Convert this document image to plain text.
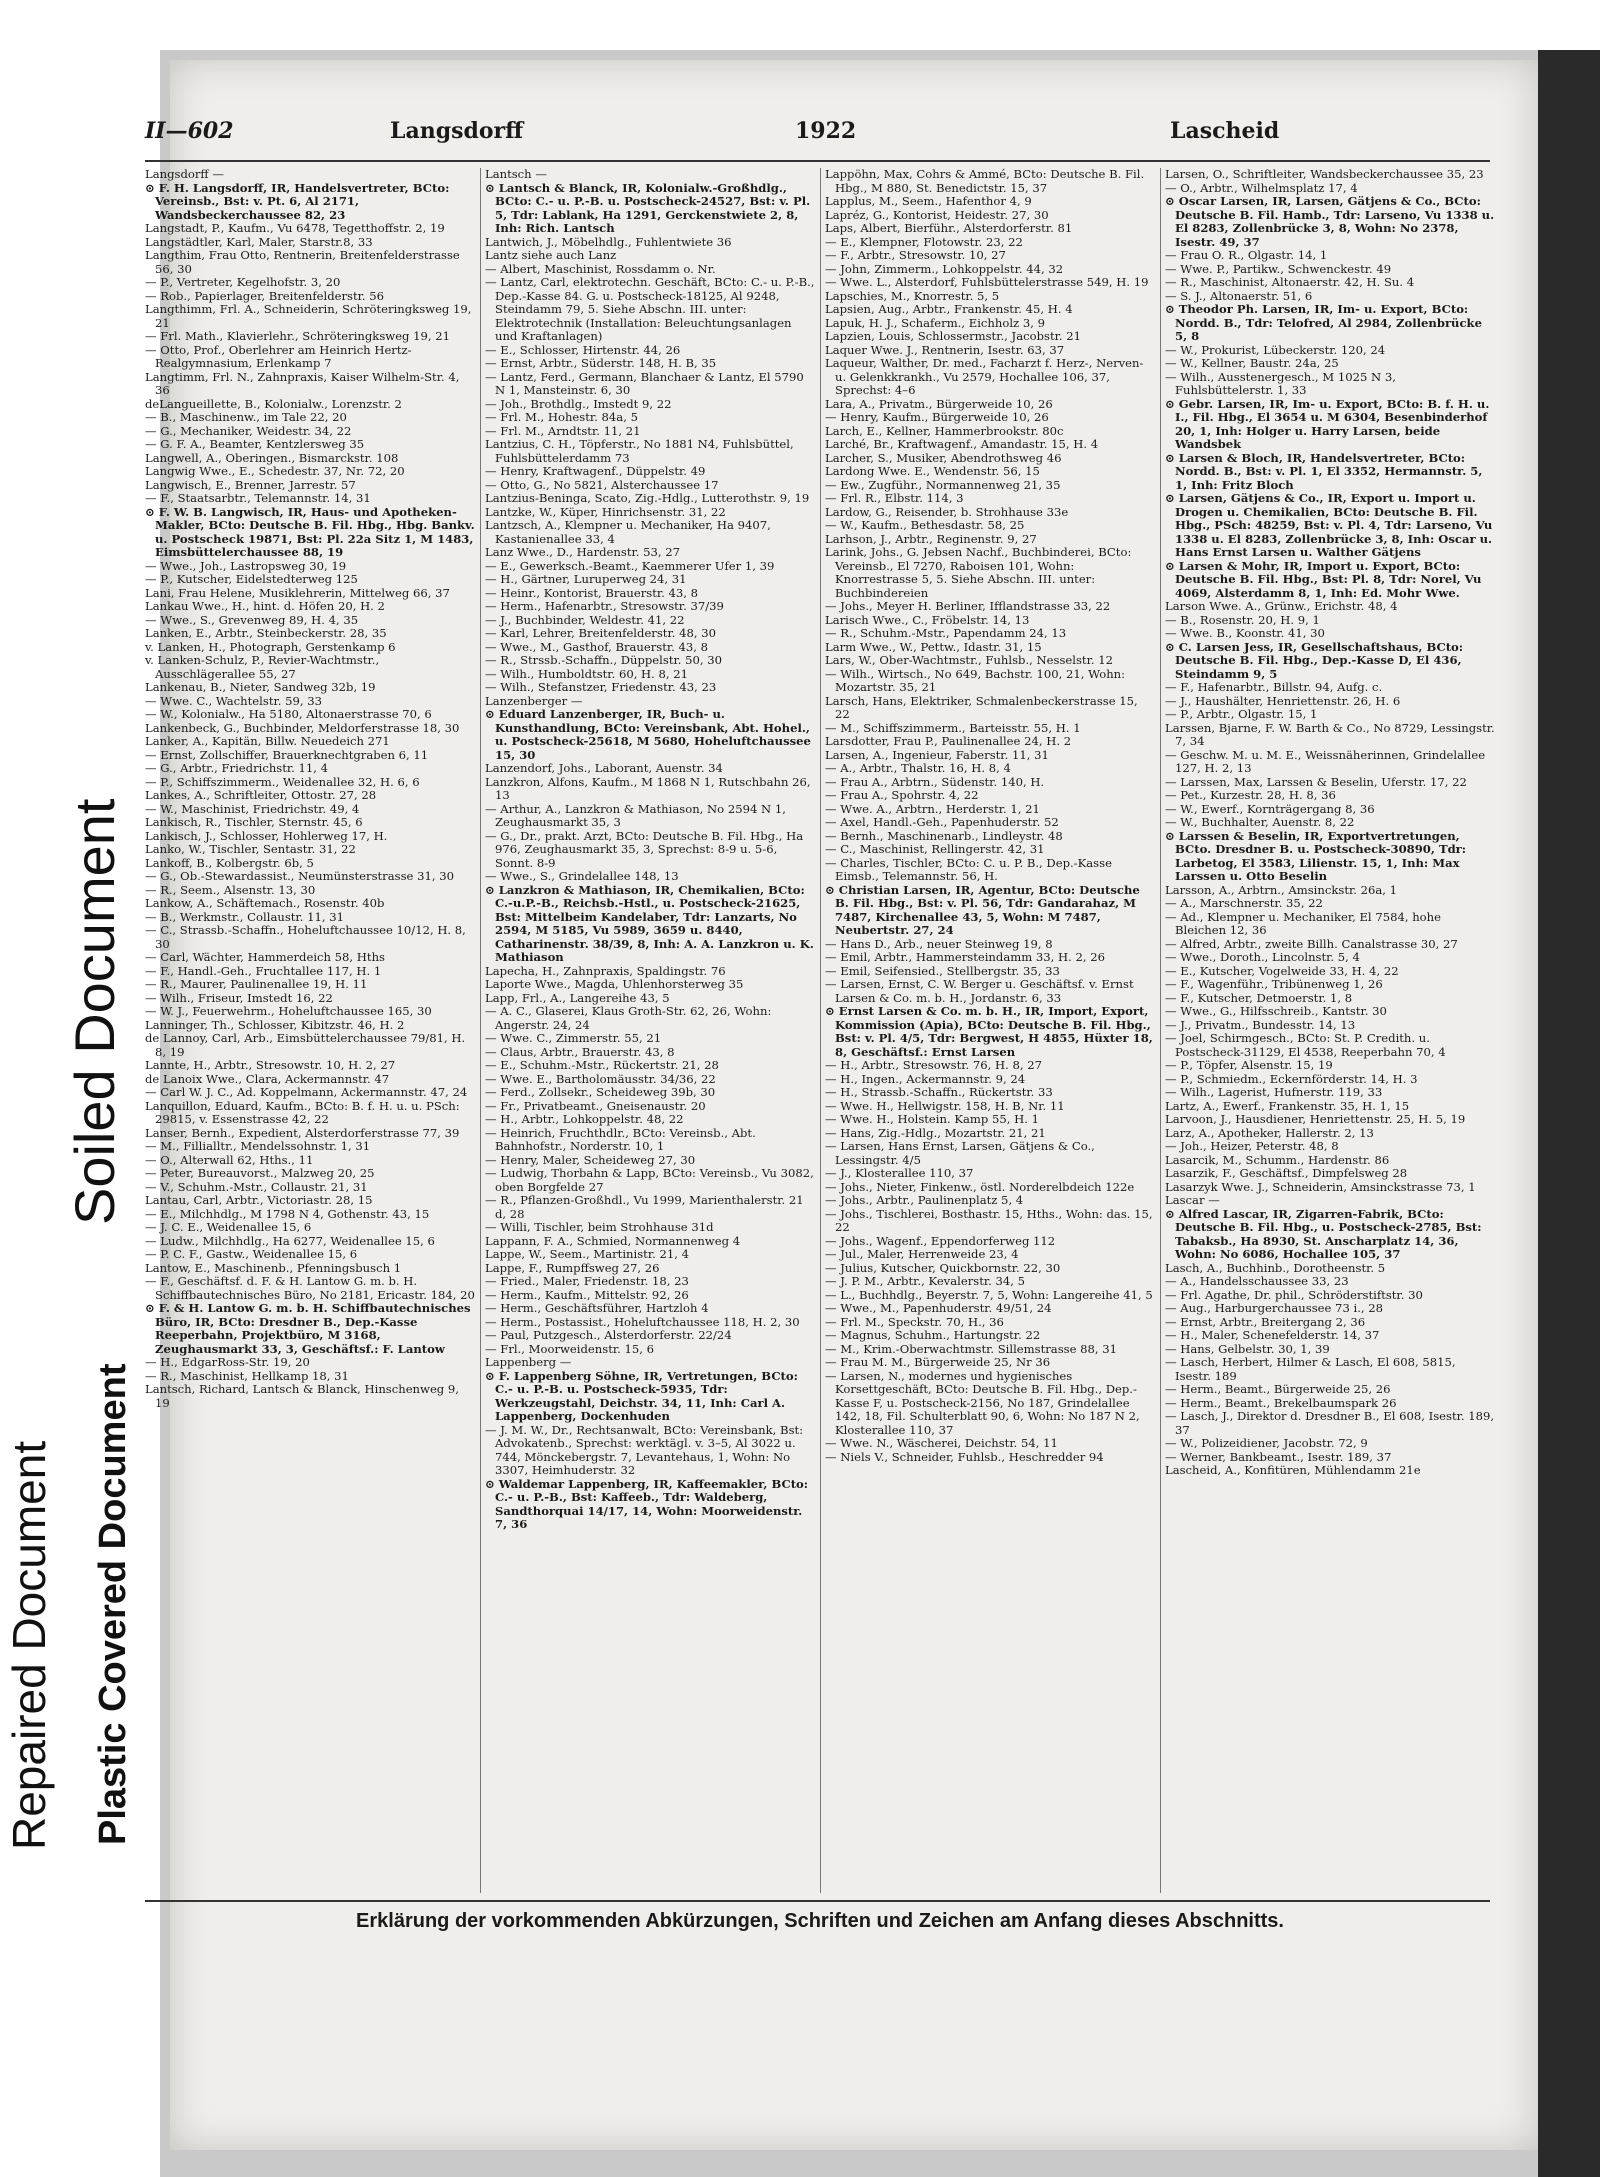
Repaired Document Plastic Covered Document
Soiled Document
II—602	Langsdorff	1922	Lascheid

Langsdorff —

⊙ F. H. Langsdorff, IR, Handelsvertreter, BCto: Vereinsb., Bst: v. Pt. 6, Al 2171, Wandsbeckerchaussee 82, 23

Langstadt, P., Kaufm., Vu 6478, Tegetthoffstr. 2, 19

Langstädtler, Karl, Maler, Starstr.8, 33

Langthim, Frau Otto, Rentnerin, Breitenfelderstrasse 56, 30

— P., Vertreter, Kegelhofstr. 3, 20

— Rob., Papierlager, Breitenfelderstr. 56

Langthimm, Frl. A., Schneiderin, Schröteringksweg 19, 21

— Frl. Math., Klavierlehr., Schröteringksweg 19, 21

— Otto, Prof., Oberlehrer am Heinrich Hertz-Realgymnasium, Erlenkamp 7

Langtimm, Frl. N., Zahnpraxis, Kaiser Wilhelm-Str. 4, 36

deLangueillette, B., Kolonialw., Lorenzstr. 2

— B., Maschinenw., im Tale 22, 20

— G., Mechaniker, Weidestr. 34, 22

— G. F. A., Beamter, Kentzlersweg 35

Langwell, A., Oberingen., Bismarckstr. 108

Langwig Wwe., E., Schedestr. 37, Nr. 72, 20

Langwisch, E., Brenner, Jarrestr. 57

— F., Staatsarbtr., Telemannstr. 14, 31

⊙ F. W. B. Langwisch, IR, Haus- und Apotheken-Makler, BCto: Deutsche B. Fil. Hbg., Hbg. Bankv. u. Postscheck 19871, Bst: Pl. 22a Sitz 1, M 1483, Eimsbüttelerchaussee 88, 19

— Wwe., Joh., Lastropsweg 30, 19

— P., Kutscher, Eidelstedterweg 125

Lani, Frau Helene, Musiklehrerin, Mittelweg 66, 37

Lankau Wwe., H., hint. d. Höfen 20, H. 2

— Wwe., S., Grevenweg 89, H. 4, 35

Lanken, E., Arbtr., Steinbeckerstr. 28, 35

v. Lanken, H., Photograph, Gerstenkamp 6

v. Lanken-Schulz, P., Revier-Wachtmstr., Ausschlägerallee 55, 27

Lankenau, B., Nieter, Sandweg 32b, 19

— Wwe. C., Wachtelstr. 59, 33

— W., Kolonialw., Ha 5180, Altonaerstrasse 70, 6

Lankenbeck, G., Buchbinder, Meldorferstrasse 18, 30

Lanker, A., Kapitän, Billw. Neuedeich 271

— Ernst, Zollschiffer, Brauerknechtgraben 6, 11

— G., Arbtr., Friedrichstr. 11, 4

— P., Schiffszimmerm., Weidenallee 32, H. 6, 6

Lankes, A., Schriftleiter, Ottostr. 27, 28

— W., Maschinist, Friedrichstr. 49, 4

Lankisch, R., Tischler, Sternstr. 45, 6

Lankisch, J., Schlosser, Hohlerweg 17, H.

Lanko, W., Tischler, Sentastr. 31, 22

Lankoff, B., Kolbergstr. 6b, 5

— G., Ob.-Stewardassist., Neumünsterstrasse 31, 30

— R., Seem., Alsenstr. 13, 30

Lankow, A., Schäftemach., Rosenstr. 40b

— B., Werkmstr., Collaustr. 11, 31

— C., Strassb.-Schaffn., Hoheluftchaussee 10/12, H. 8, 30

— Carl, Wächter, Hammerdeich 58, Hths

— F., Handl.-Geh., Fruchtallee 117, H. 1

— R., Maurer, Paulinenallee 19, H. 11

— Wilh., Friseur, Imstedt 16, 22

— W. J., Feuerwehrm., Hoheluftchaussee 165, 30

Lanninger, Th., Schlosser, Kibitzstr. 46, H. 2

de Lannoy, Carl, Arb., Eimsbüttelerchaussee 79/81, H. 8, 19

Lannte, H., Arbtr., Stresowstr. 10, H. 2, 27

de Lanoix Wwe., Clara, Ackermannstr. 47

— Carl W. J. C., Ad. Koppelmann, Ackermannstr. 47, 24

Lanquillon, Eduard, Kaufm., BCto: B. f. H. u. u. PSch: 29815, v. Essenstrasse 42, 22

Lanser, Bernh., Expedient, Alsterdorferstrasse 77, 39

— M., Fillialltr., Mendelssohnstr. 1, 31

— O., Alterwall 62, Hths., 11

— Peter, Bureauvorst., Malzweg 20, 25

— V., Schuhm.-Mstr., Collaustr. 21, 31

Lantau, Carl, Arbtr., Victoriastr. 28, 15

— E., Milchhdlg., M 1798 N 4, Gothenstr. 43, 15

— J. C. E., Weidenallee 15, 6

— Ludw., Milchhdlg., Ha 6277, Weidenallee 15, 6

— P. C. F., Gastw., Weidenallee 15, 6

Lantow, E., Maschinenb., Pfenningsbusch 1

— F., Geschäftsf. d. F. & H. Lantow G. m. b. H. Schiffbautechnisches Büro, No 2181, Ericastr. 184, 20

⊙ F. & H. Lantow G. m. b. H. Schiffbautechnisches Büro, IR, BCto: Dresdner B., Dep.-Kasse Reeperbahn, Projektbüro, M 3168, Zeughausmarkt 33, 3, Geschäftsf.: F. Lantow

— H., EdgarRoss-Str. 19, 20

— R., Maschinist, Hellkamp 18, 31

Lantsch, Richard, Lantsch & Blanck, Hinschenweg 9, 19

Lantsch —

⊙ Lantsch & Blanck, IR, Kolonialw.-Großhdlg., BCto: C.- u. P.-B. u. Postscheck-24527, Bst: v. Pl. 5, Tdr: Lablank, Ha 1291, Gerckenstwiete 2, 8, Inh: Rich. Lantsch

Lantwich, J., Möbelhdlg., Fuhlentwiete 36

Lantz siehe auch Lanz

— Albert, Maschinist, Rossdamm o. Nr.

— Lantz, Carl, elektrotechn. Geschäft, BCto: C.- u. P.-B., Dep.-Kasse 84. G. u. Postscheck-18125, Al 9248, Steindamm 79, 5. Siehe Abschn. III. unter: Elektrotechnik (Installation: Beleuchtungsanlagen und Kraftanlagen)

— E., Schlosser, Hirtenstr. 44, 26

— Ernst, Arbtr., Süderstr. 148, H. B, 35

— Lantz, Ferd., Germann, Blanchaer & Lantz, El 5790 N 1, Mansteinstr. 6, 30

— Joh., Brothdlg., Imstedt 9, 22

— Frl. M., Hohestr. 84a, 5

— Frl. M., Arndtstr. 11, 21

Lantzius, C. H., Töpferstr., No 1881 N4, Fuhlsbüttel, Fuhlsbüttelerdamm 73

— Henry, Kraftwagenf., Düppelstr. 49

— Otto, G., No 5821, Alsterchaussee 17

Lantzius-Beninga, Scato, Zig.-Hdlg., Lutterothstr. 9, 19

Lantzke, W., Küper, Hinrichsenstr. 31, 22

Lantzsch, A., Klempner u. Mechaniker, Ha 9407, Kastanienallee 33, 4

Lanz Wwe., D., Hardenstr. 53, 27

— E., Gewerksch.-Beamt., Kaemmerer Ufer 1, 39

— H., Gärtner, Luruperweg 24, 31

— Heinr., Kontorist, Brauerstr. 43, 8

— Herm., Hafenarbtr., Stresowstr. 37/39

— J., Buchbinder, Weldestr. 41, 22

— Karl, Lehrer, Breitenfelderstr. 48, 30

— Wwe., M., Gasthof, Brauerstr. 43, 8

— R., Strssb.-Schaffn., Düppelstr. 50, 30

— Wilh., Humboldtstr. 60, H. 8, 21

— Wilh., Stefanstzer, Friedenstr. 43, 23

Lanzenberger —

⊙ Eduard Lanzenberger, IR, Buch- u. Kunsthandlung, BCto: Vereinsbank, Abt. Hohel., u. Postscheck-25618, M 5680, Hoheluftchaussee 15, 30

Lanzendorf, Johs., Laborant, Auenstr. 34

Lanzkron, Alfons, Kaufm., M 1868 N 1, Rutschbahn 26, 13

— Arthur, A., Lanzkron & Mathiason, No 2594 N 1, Zeughausmarkt 35, 3

— G., Dr., prakt. Arzt, BCto: Deutsche B. Fil. Hbg., Ha 976, Zeughausmarkt 35, 3, Sprechst: 8-9 u. 5-6, Sonnt. 8-9

— Wwe., S., Grindelallee 148, 13

⊙ Lanzkron & Mathiason, IR, Chemikalien, BCto: C.-u.P.-B., Reichsb.-Hstl., u. Postscheck-21625, Bst: Mittelbeim Kandelaber, Tdr: Lanzarts, No 2594, M 5185, Vu 5989, 3659 u. 8440, Catharinenstr. 38/39, 8, Inh: A. A. Lanzkron u. K. Mathiason

Lapecha, H., Zahnpraxis, Spaldingstr. 76

Laporte Wwe., Magda, Uhlenhorsterweg 35

Lapp, Frl., A., Langereihe 43, 5

— A. C., Glaserei, Klaus Groth-Str. 62, 26, Wohn: Angerstr. 24, 24

— Wwe. C., Zimmerstr. 55, 21

— Claus, Arbtr., Brauerstr. 43, 8

— E., Schuhm.-Mstr., Rückertstr. 21, 28

— Wwe. E., Bartholomäusstr. 34/36, 22

— Ferd., Zollsekr., Scheideweg 39b, 30

— Fr., Privatbeamt., Gneisenaustr. 20

— H., Arbtr., Lohkoppelstr. 48, 22

— Heinrich, Fruchthdlr., BCto: Vereinsb., Abt. Bahnhofstr., Norderstr. 10, 1

— Henry, Maler, Scheideweg 27, 30

— Ludwig, Thorbahn & Lapp, BCto: Vereinsb., Vu 3082, oben Borgfelde 27

— R., Pflanzen-Großhdl., Vu 1999, Marienthalerstr. 21 d, 28

— Willi, Tischler, beim Strohhause 31d

Lappann, F. A., Schmied, Normannenweg 4

Lappe, W., Seem., Martinistr. 21, 4

Lappe, F., Rumpffsweg 27, 26

— Fried., Maler, Friedenstr. 18, 23

— Herm., Kaufm., Mittelstr. 92, 26

— Herm., Geschäftsführer, Hartzloh 4

— Herm., Postassist., Hoheluftchaussee 118, H. 2, 30

— Paul, Putzgesch., Alsterdorferstr. 22/24

— Frl., Moorweidenstr. 15, 6

Lappenberg —

⊙ F. Lappenberg Söhne, IR, Vertretungen, BCto: C.- u. P.-B. u. Postscheck-5935, Tdr: Werkzeugstahl, Deichstr. 34, 11, Inh: Carl A. Lappenberg, Dockenhuden

— J. M. W., Dr., Rechtsanwalt, BCto: Vereinsbank, Bst: Advokatenb., Sprechst: werktägl. v. 3–5, Al 3022 u. 744, Mönckebergstr. 7, Levantehaus, 1, Wohn: No 3307, Heimhuderstr. 32

⊙ Waldemar Lappenberg, IR, Kaffeemakler, BCto: C.- u. P.-B., Bst: Kaffeeb., Tdr: Waldeberg, Sandthorquai 14/17, 14, Wohn: Moorweidenstr. 7, 36

Lappöhn, Max, Cohrs & Ammé, BCto: Deutsche B. Fil. Hbg., M 880, St. Benedictstr. 15, 37

Lapplus, M., Seem., Hafenthor 4, 9

Lapréz, G., Kontorist, Heidestr. 27, 30

Laps, Albert, Bierführ., Alsterdorferstr. 81

— E., Klempner, Flotowstr. 23, 22

— F., Arbtr., Stresowstr. 10, 27

— John, Zimmerm., Lohkoppelstr. 44, 32

— Wwe. L., Alsterdorf, Fuhlsbüttelerstrasse 549, H. 19

Lapschies, M., Knorrestr. 5, 5

Lapsien, Aug., Arbtr., Frankenstr. 45, H. 4

Lapuk, H. J., Schaferm., Eichholz 3, 9

Lapzien, Louis, Schlossermstr., Jacobstr. 21

Laquer Wwe. J., Rentnerin, Isestr. 63, 37

Laqueur, Walther, Dr. med., Facharzt f. Herz-, Nerven- u. Gelenkkrankh., Vu 2579, Hochallee 106, 37, Sprechst: 4–6

Lara, A., Privatm., Bürgerweide 10, 26

— Henry, Kaufm., Bürgerweide 10, 26

Larch, E., Kellner, Hammerbrookstr. 80c

Larché, Br., Kraftwagenf., Amandastr. 15, H. 4

Larcher, S., Musiker, Abendrothsweg 46

Lardong Wwe. E., Wendenstr. 56, 15

— Ew., Zugführ., Normannenweg 21, 35

— Frl. R., Elbstr. 114, 3

Lardow, G., Reisender, b. Strohhause 33e

— W., Kaufm., Bethesdastr. 58, 25

Larhson, J., Arbtr., Reginenstr. 9, 27

Larink, Johs., G. Jebsen Nachf., Buchbinderei, BCto: Vereinsb., El 7270, Raboisen 101, Wohn: Knorrestrasse 5, 5. Siehe Abschn. III. unter: Buchbindereien

— Johs., Meyer H. Berliner, Ifflandstrasse 33, 22

Larisch Wwe., C., Fröbelstr. 14, 13

— R., Schuhm.-Mstr., Papendamm 24, 13

Larm Wwe., W., Pettw., Idastr. 31, 15

Lars, W., Ober-Wachtmstr., Fuhlsb., Nesselstr. 12

— Wilh., Wirtsch., No 649, Bachstr. 100, 21, Wohn: Mozartstr. 35, 21

Larsch, Hans, Elektriker, Schmalenbeckerstrasse 15, 22

— M., Schiffszimmerm., Barteisstr. 55, H. 1

Larsdotter, Frau P., Paulinenallee 24, H. 2

Larsen, A., Ingenieur, Faberstr. 11, 31

— A., Arbtr., Thalstr. 16, H. 8, 4

— Frau A., Arbtrn., Südenstr. 140, H.

— Frau A., Spohrstr. 4, 22

— Wwe. A., Arbtrn., Herderstr. 1, 21

— Axel, Handl.-Geh., Papenhuderstr. 52

— Bernh., Maschinenarb., Lindleystr. 48

— C., Maschinist, Rellingerstr. 42, 31

— Charles, Tischler, BCto: C. u. P. B., Dep.-Kasse Eimsb., Telemannstr. 56, H.

⊙ Christian Larsen, IR, Agentur, BCto: Deutsche B. Fil. Hbg., Bst: v. Pl. 56, Tdr: Gandarahaz, M 7487, Kirchenallee 43, 5, Wohn: M 7487, Neubertstr. 27, 24

— Hans D., Arb., neuer Steinweg 19, 8

— Emil, Arbtr., Hammersteindamm 33, H. 2, 26

— Emil, Seifensied., Stellbergstr. 35, 33

— Larsen, Ernst, C. W. Berger u. Geschäftsf. v. Ernst Larsen & Co. m. b. H., Jordanstr. 6, 33

⊙ Ernst Larsen & Co. m. b. H., IR, Import, Export, Kommission (Apia), BCto: Deutsche B. Fil. Hbg., Bst: v. Pl. 4/5, Tdr: Bergwest, H 4855, Hüxter 18, 8, Geschäftsf.: Ernst Larsen

— H., Arbtr., Stresowstr. 76, H. 8, 27

— H., Ingen., Ackermannstr. 9, 24

— H., Strassb.-Schaffn., Rückertstr. 33

— Wwe. H., Hellwigstr. 158, H. B, Nr. 11

— Wwe. H., Holstein. Kamp 55, H. 1

— Hans, Zig.-Hdlg., Mozartstr. 21, 21

— Larsen, Hans Ernst, Larsen, Gätjens & Co., Lessingstr. 4/5

— J., Klosterallee 110, 37

— Johs., Nieter, Finkenw., östl. Norderelbdeich 122e

— Johs., Arbtr., Paulinenplatz 5, 4

— Johs., Tischlerei, Bosthastr. 15, Hths., Wohn: das. 15, 22

— Johs., Wagenf., Eppendorferweg 112

— Jul., Maler, Herrenweide 23, 4

— Julius, Kutscher, Quickbornstr. 22, 30

— J. P. M., Arbtr., Kevalerstr. 34, 5

— L., Buchhdlg., Beyerstr. 7, 5, Wohn: Langereihe 41, 5

— Wwe., M., Papenhuderstr. 49/51, 24

— Frl. M., Speckstr. 70, H., 36

— Magnus, Schuhm., Hartungstr. 22

— M., Krim.-Oberwachtmstr. Sillemstrasse 88, 31

— Frau M. M., Bürgerweide 25, Nr 36

— Larsen, N., modernes und hygienisches Korsettgeschäft, BCto: Deutsche B. Fil. Hbg., Dep.-Kasse F, u. Postscheck-2156, No 187, Grindelallee 142, 18, Fil. Schulterblatt 90, 6, Wohn: No 187 N 2, Klosterallee 110, 37

— Wwe. N., Wäscherei, Deichstr. 54, 11

— Niels V., Schneider, Fuhlsb., Heschredder 94

Larsen, O., Schriftleiter, Wandsbeckerchaussee 35, 23

— O., Arbtr., Wilhelmsplatz 17, 4

⊙ Oscar Larsen, IR, Larsen, Gätjens & Co., BCto: Deutsche B. Fil. Hamb., Tdr: Larseno, Vu 1338 u. El 8283, Zollenbrücke 3, 8, Wohn: No 2378, Isestr. 49, 37

— Frau O. R., Olgastr. 14, 1

— Wwe. P., Partikw., Schwenckestr. 49

— R., Maschinist, Altonaerstr. 42, H. Su. 4

— S. J., Altonaerstr. 51, 6

⊙ Theodor Ph. Larsen, IR, Im- u. Export, BCto: Nordd. B., Tdr: Telofred, Al 2984, Zollenbrücke 5, 8

— W., Prokurist, Lübeckerstr. 120, 24

— W., Kellner, Baustr. 24a, 25

— Wilh., Ausstenergesch., M 1025 N 3, Fuhlsbüttelerstr. 1, 33

⊙ Gebr. Larsen, IR, Im- u. Export, BCto: B. f. H. u. I., Fil. Hbg., El 3654 u. M 6304, Besenbinderhof 20, 1, Inh: Holger u. Harry Larsen, beide Wandsbek

⊙ Larsen & Bloch, IR, Handelsvertreter, BCto: Nordd. B., Bst: v. Pl. 1, El 3352, Hermannstr. 5, 1, Inh: Fritz Bloch

⊙ Larsen, Gätjens & Co., IR, Export u. Import u. Drogen u. Chemikalien, BCto: Deutsche B. Fil. Hbg., PSch: 48259, Bst: v. Pl. 4, Tdr: Larseno, Vu 1338 u. El 8283, Zollenbrücke 3, 8, Inh: Oscar u. Hans Ernst Larsen u. Walther Gätjens

⊙ Larsen & Mohr, IR, Import u. Export, BCto: Deutsche B. Fil. Hbg., Bst: Pl. 8, Tdr: Norel, Vu 4069, Alsterdamm 8, 1, Inh: Ed. Mohr Wwe.

Larson Wwe. A., Grünw., Erichstr. 48, 4

— B., Rosenstr. 20, H. 9, 1

— Wwe. B., Koonstr. 41, 30

⊙ C. Larsen Jess, IR, Gesellschaftshaus, BCto: Deutsche B. Fil. Hbg., Dep.-Kasse D, El 436, Steindamm 9, 5

— F., Hafenarbtr., Billstr. 94, Aufg. c.

— J., Haushälter, Henriettenstr. 26, H. 6

— P., Arbtr., Olgastr. 15, 1

Larssen, Bjarne, F. W. Barth & Co., No 8729, Lessingstr. 7, 34

— Geschw. M. u. M. E., Weissnäherinnen, Grindelallee 127, H. 2, 13

— Larssen, Max, Larssen & Beselin, Uferstr. 17, 22

— Pet., Kurzestr. 28, H. 8, 36

— W., Ewerf., Kornträgergang 8, 36

— W., Buchhalter, Auenstr. 8, 22

⊙ Larssen & Beselin, IR, Exportvertretungen, BCto. Dresdner B. u. Postscheck-30890, Tdr: Larbetog, El 3583, Lilienstr. 15, 1, Inh: Max Larssen u. Otto Beselin

Larsson, A., Arbtrn., Amsinckstr. 26a, 1

— A., Marschnerstr. 35, 22

— Ad., Klempner u. Mechaniker, El 7584, hohe Bleichen 12, 36

— Alfred, Arbtr., zweite Billh. Canalstrasse 30, 27

— Wwe., Doroth., Lincolnstr. 5, 4

— E., Kutscher, Vogelweide 33, H. 4, 22

— F., Wagenführ., Tribünenweg 1, 26

— F., Kutscher, Detmoerstr. 1, 8

— Wwe., G., Hilfsschreib., Kantstr. 30

— J., Privatm., Bundesstr. 14, 13

— Joel, Schirmgesch., BCto: St. P. Credith. u. Postscheck-31129, El 4538, Reeperbahn 70, 4

— P., Töpfer, Alsenstr. 15, 19

— P., Schmiedm., Eckernförderstr. 14, H. 3

— Wilh., Lagerist, Hufnerstr. 119, 33

Lartz, A., Ewerf., Frankenstr. 35, H. 1, 15

Larvoon, J., Hausdiener, Henriettenstr. 25, H. 5, 19

Larz, A., Apotheker, Hallerstr. 2, 13

— Joh., Heizer, Peterstr. 48, 8

Lasarcik, M., Schumm., Hardenstr. 86

Lasarzik, F., Geschäftsf., Dimpfelsweg 28

Lasarzyk Wwe. J., Schneiderin, Amsinckstrasse 73, 1

Lascar —

⊙ Alfred Lascar, IR, Zigarren-Fabrik, BCto: Deutsche B. Fil. Hbg., u. Postscheck-2785, Bst: Tabaksb., Ha 8930, St. Anscharplatz 14, 36, Wohn: No 6086, Hochallee 105, 37

Lasch, A., Buchhinb., Dorotheenstr. 5

— A., Handelsschaussee 33, 23

— Frl. Agathe, Dr. phil., Schröderstiftstr. 30

— Aug., Harburgerchaussee 73 i., 28

— Ernst, Arbtr., Breitergang 2, 36

— H., Maler, Schenefelderstr. 14, 37

— Hans, Gelbelstr. 30, 1, 39

— Lasch, Herbert, Hilmer & Lasch, El 608, 5815, Isestr. 189

— Herm., Beamt., Bürgerweide 25, 26

— Herm., Beamt., Brekelbaumspark 26

— Lasch, J., Direktor d. Dresdner B., El 608, Isestr. 189, 37

— W., Polizeidiener, Jacobstr. 72, 9

— Werner, Bankbeamt., Isestr. 189, 37

Lascheid, A., Konfitüren, Mühlendamm 21e

Erklärung der vorkommenden Abkürzungen, Schriften und Zeichen am Anfang dieses Abschnitts.
